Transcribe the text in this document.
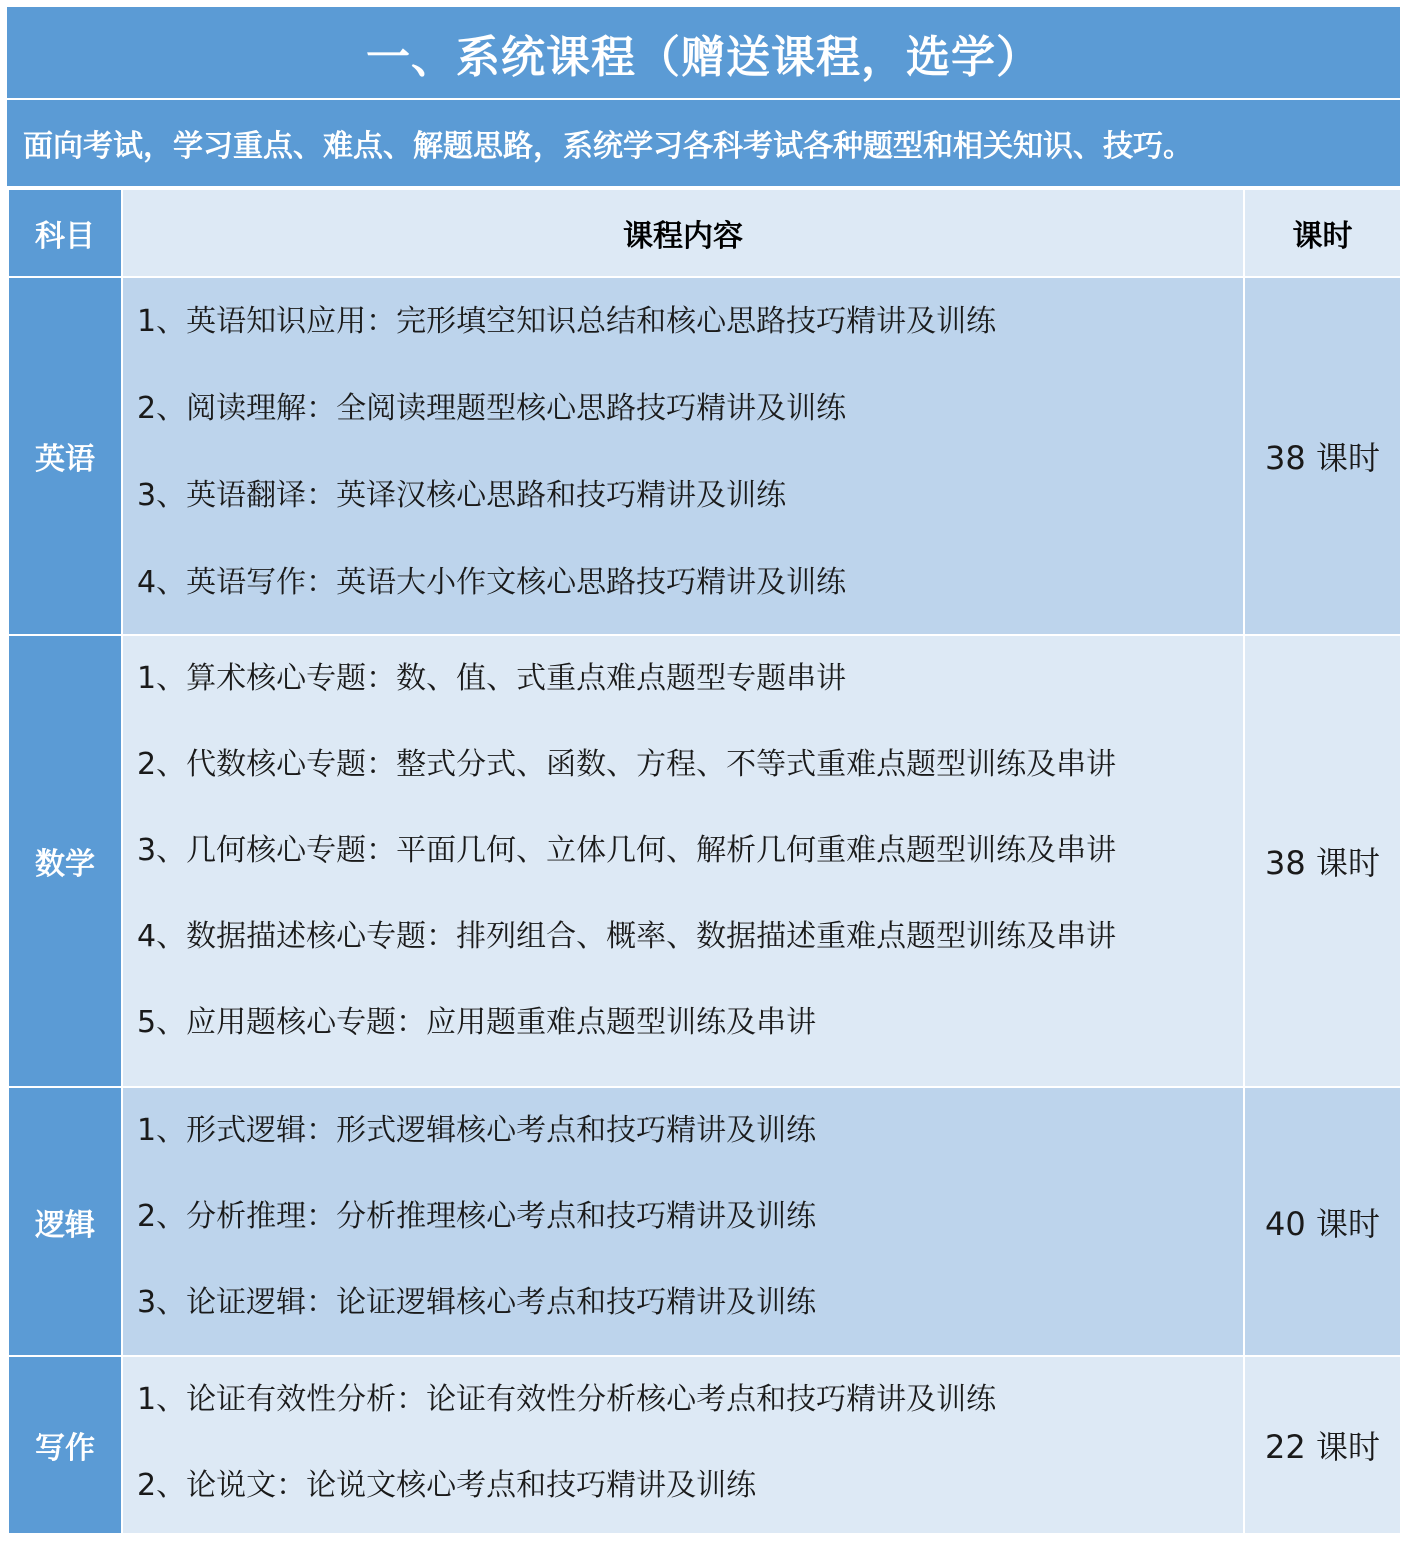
一、系统课程（赠送课程，选学）
面向考试，学习重点、难点、解题思路，系统学习各科考试各种题型和相关知识、技巧。
科目	课程内容	课时
英语	1、英语知识应用：完形填空知识总结和核心思路技巧精讲及训练
2、阅读理解：全阅读理题型核心思路技巧精讲及训练
3、英语翻译：英译汉核心思路和技巧精讲及训练
4、英语写作：英语大小作文核心思路技巧精讲及训练	38 课时
数学	1、算术核心专题：数、值、式重点难点题型专题串讲
2、代数核心专题：整式分式、函数、方程、不等式重难点题型训练及串讲
3、几何核心专题：平面几何、立体几何、解析几何重难点题型训练及串讲
4、数据描述核心专题：排列组合、概率、数据描述重难点题型训练及串讲
5、应用题核心专题：应用题重难点题型训练及串讲	38 课时
逻辑	1、形式逻辑：形式逻辑核心考点和技巧精讲及训练
2、分析推理：分析推理核心考点和技巧精讲及训练
3、论证逻辑：论证逻辑核心考点和技巧精讲及训练	40 课时
写作	1、论证有效性分析：论证有效性分析核心考点和技巧精讲及训练
2、论说文：论说文核心考点和技巧精讲及训练	22 课时
